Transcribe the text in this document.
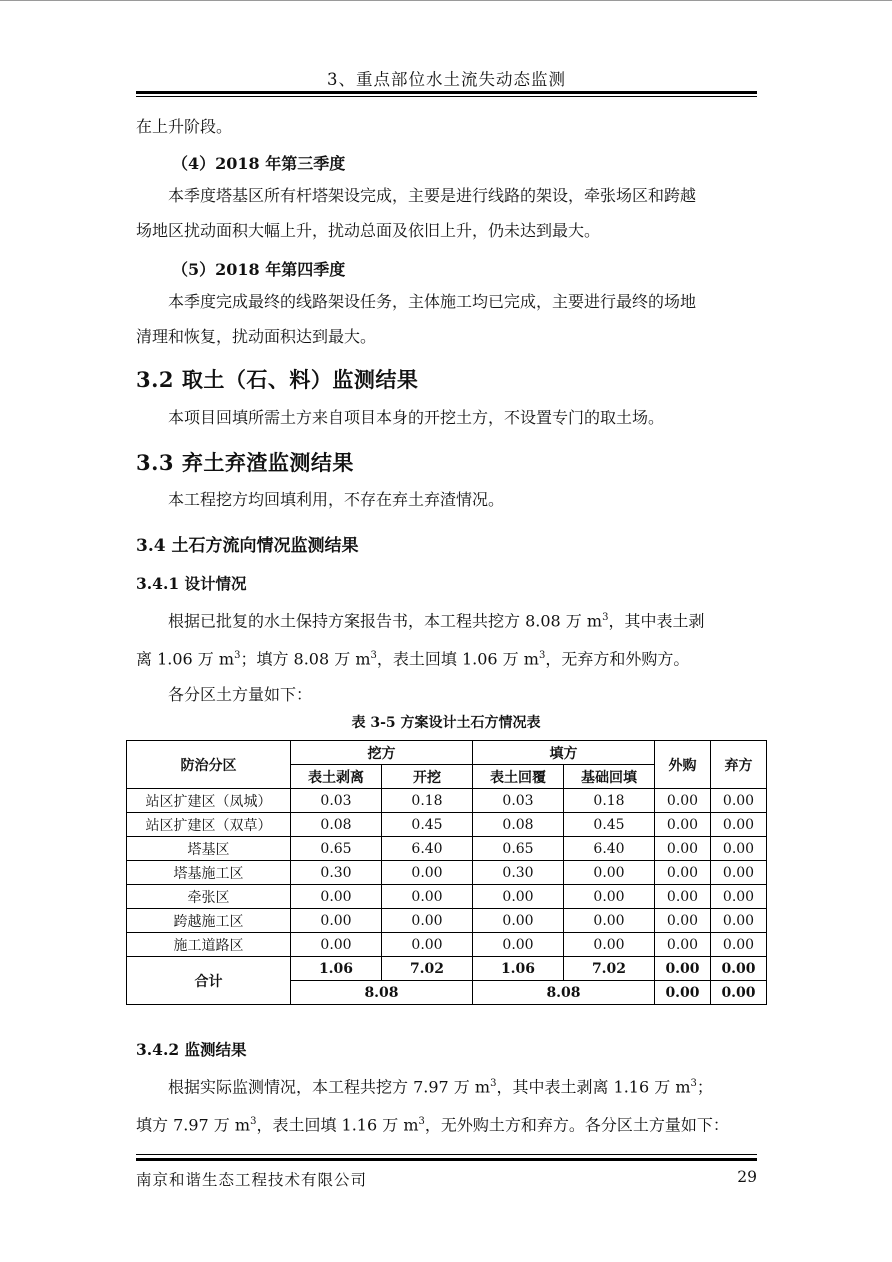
3、重点部位水土流失动态监测

在上升阶段。

（4）2018 年第三季度

本季度塔基区所有杆塔架设完成，主要是进行线路的架设，牵张场区和跨越
场地区扰动面积大幅上升，扰动总面及依旧上升，仍未达到最大。

（5）2018 年第四季度

本季度完成最终的线路架设任务，主体施工均已完成，主要进行最终的场地
清理和恢复，扰动面积达到最大。

3.2 取土（石、料）监测结果

本项目回填所需土方来自项目本身的开挖土方，不设置专门的取土场。

3.3 弃土弃渣监测结果

本工程挖方均回填利用，不存在弃土弃渣情况。

3.4 土石方流向情况监测结果
3.4.1 设计情况

根据已批复的水土保持方案报告书，本工程共挖方 8.08 万 $m^3$，其中表土剥
离 1.06 万 $m^3$；填方 8.08 万 $m^3$，表土回填 1.06 万 $m^3$，无弃方和外购方。
各分区土方量如下：

表 3-5 方案设计土石方情况表
防治分区	挖方		填方		外购	弃方
	表土剥离	开挖	表土回覆	基础回填		
站区扩建区（凤城）	0.03	0.18	0.03	0.18	0.00	0.00
站区扩建区（双草）	0.08	0.45	0.08	0.45	0.00	0.00
塔基区	0.65	6.40	0.65	6.40	0.00	0.00
塔基施工区	0.30	0.00	0.30	0.00	0.00	0.00
牵张区	0.00	0.00	0.00	0.00	0.00	0.00
跨越施工区	0.00	0.00	0.00	0.00	0.00	0.00
施工道路区	0.00	0.00	0.00	0.00	0.00	0.00
合计	1.06	7.02	1.06	7.02	0.00	0.00
	8.08		8.08		0.00	0.00
3.4.2 监测结果

根据实际监测情况，本工程共挖方 7.97 万 $m^3$，其中表土剥离 1.16 万 $m^3$；
填方 7.97 万 $m^3$，表土回填 1.16 万 $m^3$，无外购土方和弃方。各分区土方量如下：

南京和谐生态工程技术有限公司	29
